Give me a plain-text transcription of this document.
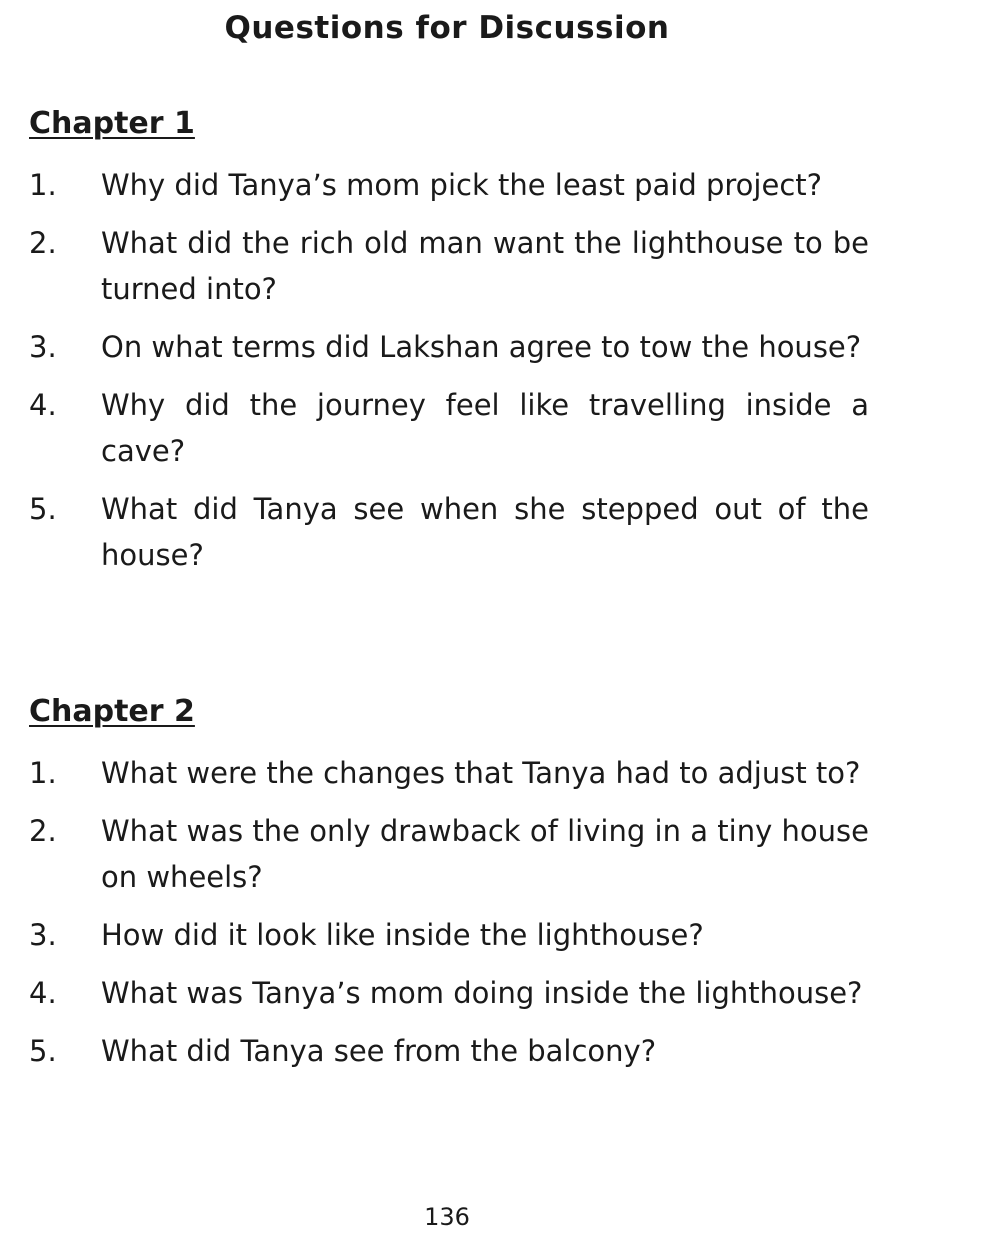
Questions for Discussion
Chapter 1
1. Why did Tanya’s mom pick the least paid project?
2. What did the rich old man want the lighthouse to be turned into?
3. On what terms did Lakshan agree to tow the house?
4. Why did the journey feel like travelling inside a cave?
5. What did Tanya see when she stepped out of the house?
Chapter 2
1. What were the changes that Tanya had to adjust to?
2. What was the only drawback of living in a tiny house on wheels?
3. How did it look like inside the lighthouse?
4. What was Tanya’s mom doing inside the lighthouse?
5. What did Tanya see from the balcony?
136
